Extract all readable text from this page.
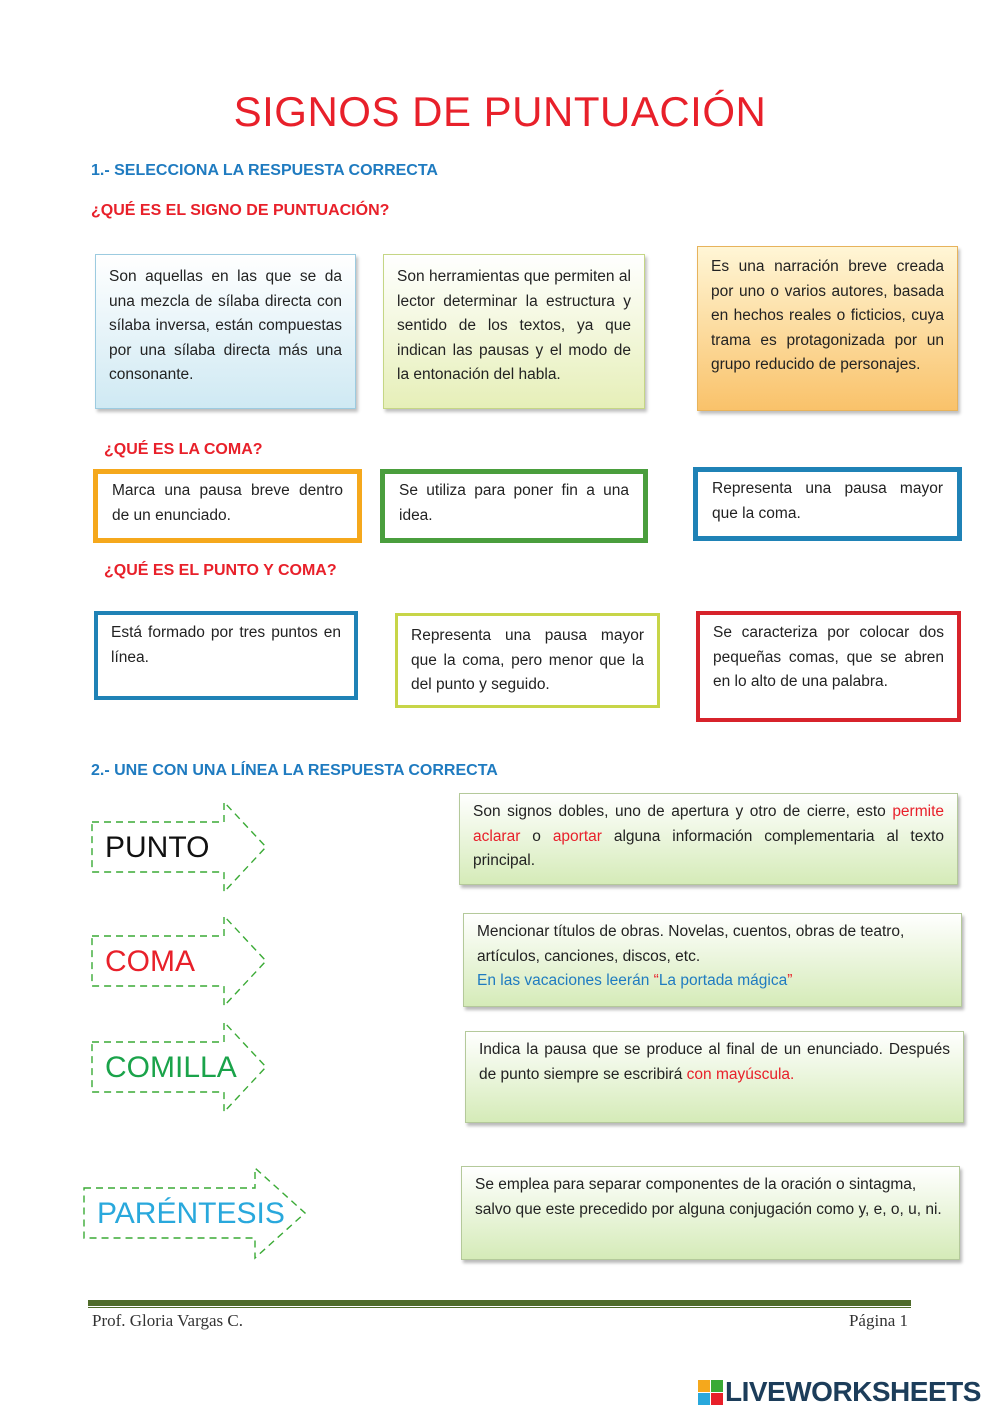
SIGNOS DE PUNTUACIÓN
1.- SELECCIONA LA RESPUESTA CORRECTA
¿QUÉ ES EL SIGNO DE PUNTUACIÓN?

Son aquellas en las que se da una mezcla de sílaba directa con sílaba inversa, están compuestas por una sílaba directa más una consonante.

Son herramientas que permiten al lector determinar la estructura y sentido de los textos, ya que indican las pausas y el modo de la entonación del habla.

Es una narración breve creada por uno o varios autores, basada en hechos reales o ficticios, cuya trama es protagonizada por un grupo reducido de personajes.

¿QUÉ ES LA COMA?
Marca una pausa breve dentro de un enunciado.
Se utiliza para poner fin a una idea.
Representa una pausa mayor que la coma.
¿QUÉ ES EL PUNTO Y COMA?

Está formado por tres puntos en línea.

Representa una pausa mayor que la coma, pero menor que la del punto y seguido.

Se caracteriza por colocar dos pequeñas comas, que se abren en lo alto de una palabra.

2.- UNE CON UNA LÍNEA LA RESPUESTA CORRECTA
PUNTO
COMA
COMILLA
PARÉNTESIS

Son signos dobles, uno de apertura y otro de cierre, esto permite aclarar o aportar alguna información complementaria al texto principal.

Mencionar títulos de obras. Novelas, cuentos, obras de teatro, artículos, canciones, discos, etc.

En las vacaciones leerán “La portada mágica”

Indica la pausa que se produce al final de un enunciado. Después de punto siempre se escribirá con mayúscula.

Se emplea para separar componentes de la oración o sintagma, salvo que este precedido por alguna conjugación como y, e, o, u, ni.

Prof. Gloria Vargas C.	Página 1
LIVEWORKSHEETS
